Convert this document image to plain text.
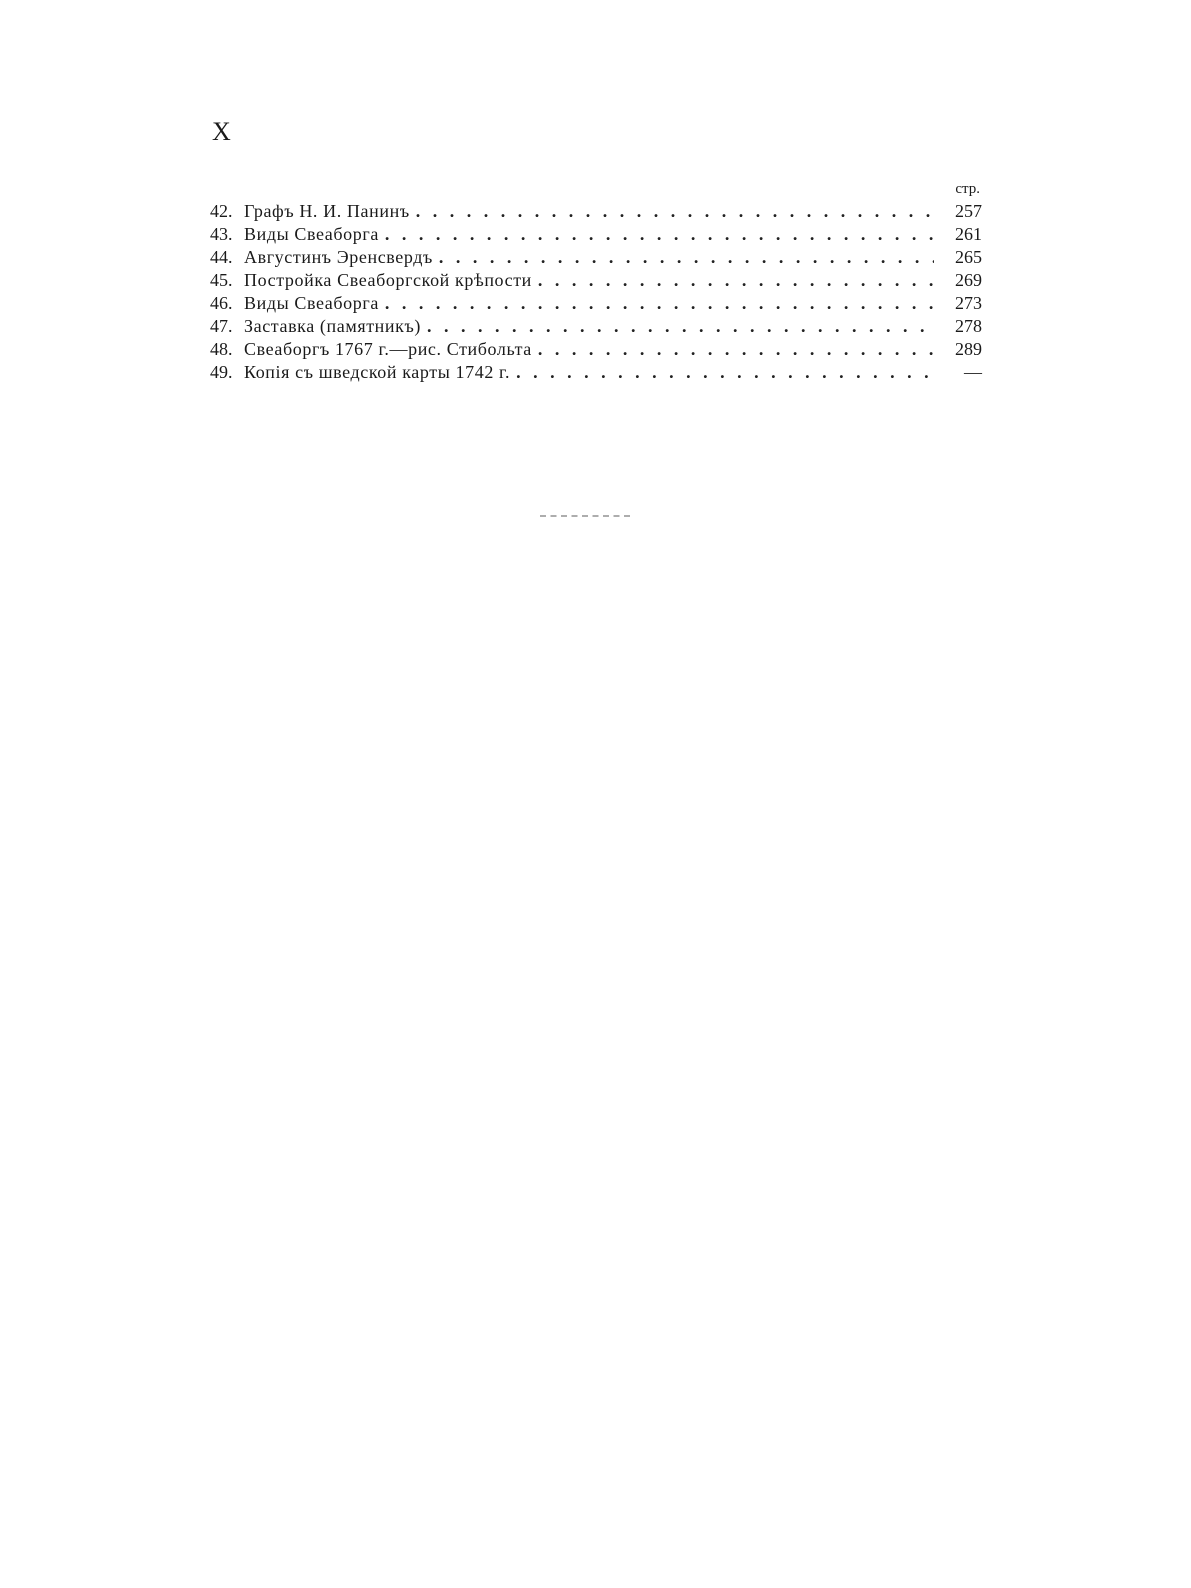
X
стр.
42. Графъ Н. И. Панинъ . . .	257
43. Виды Свеаборга . . .	261
44. Августинъ Эренсвердъ . . .	265
45. Постройка Свеаборгской крѣпости . . .	269
46. Виды Свеаборга . . .	273
47. Заставка (памятникъ) . . .	278
48. Свеаборгъ 1767 г.—рис. Стибольта . . .	289
49. Копія съ шведской карты 1742 г. . . .	—
